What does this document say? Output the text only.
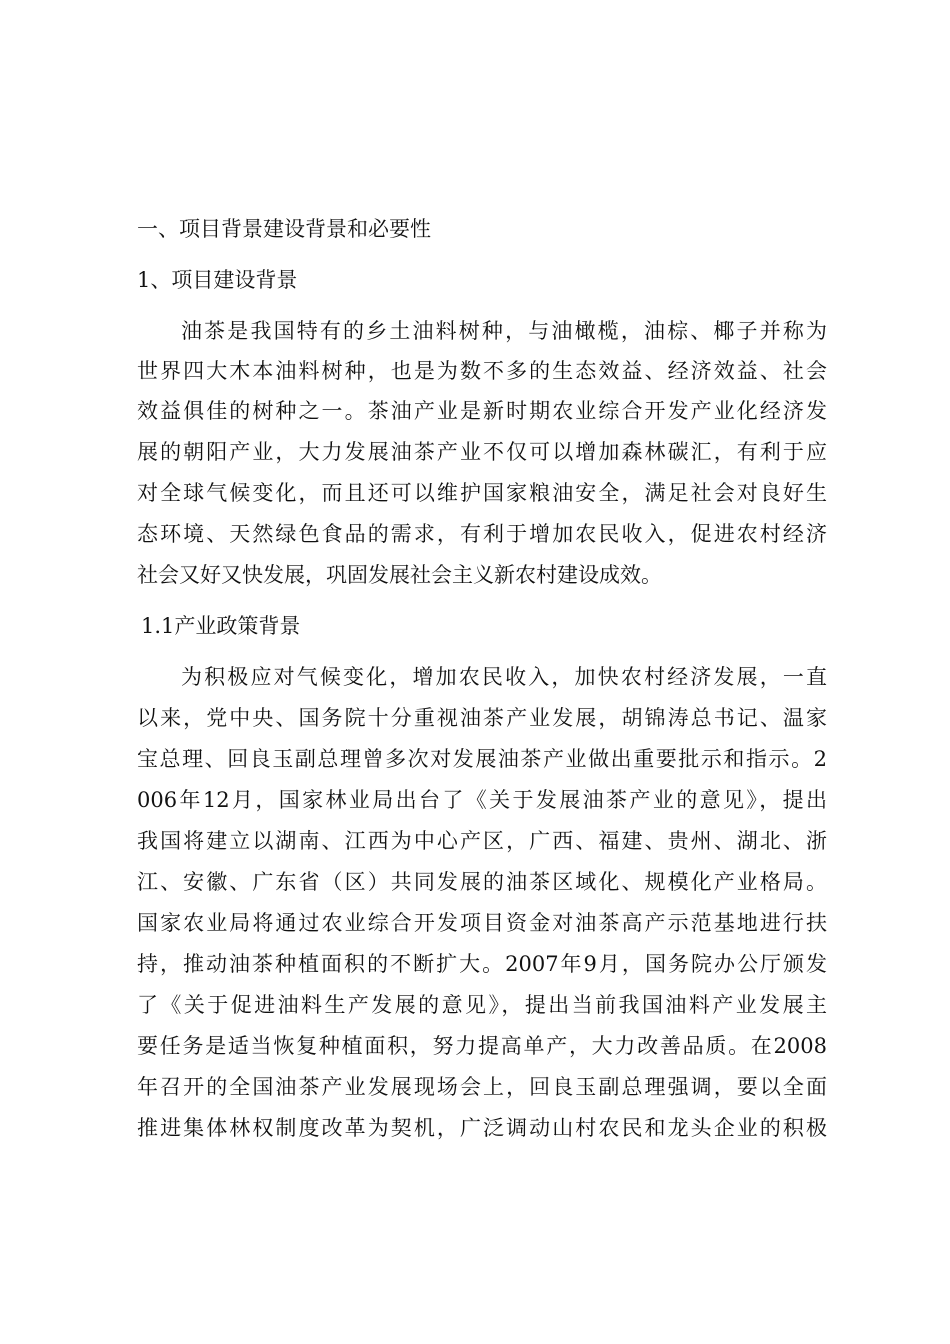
一、项目背景建设背景和必要性
1、项目建设背景
油茶是我国特有的乡土油料树种，与油橄榄，油棕、椰子并称为
世界四大木本油料树种，也是为数不多的生态效益、经济效益、社会
效益俱佳的树种之一。茶油产业是新时期农业综合开发产业化经济发
展的朝阳产业，大力发展油茶产业不仅可以增加森林碳汇，有利于应
对全球气候变化，而且还可以维护国家粮油安全，满足社会对良好生
态环境、天然绿色食品的需求，有利于增加农民收入，促进农村经济
社会又好又快发展，巩固发展社会主义新农村建设成效。
1.1产业政策背景
为积极应对气候变化，增加农民收入，加快农村经济发展，一直
以来，党中央、国务院十分重视油茶产业发展，胡锦涛总书记、温家
宝总理、回良玉副总理曾多次对发展油茶产业做出重要批示和指示。2
006年12月，国家林业局出台了《关于发展油茶产业的意见》，提出
我国将建立以湖南、江西为中心产区，广西、福建、贵州、湖北、浙
江、安徽、广东省（区）共同发展的油茶区域化、规模化产业格局。
国家农业局将通过农业综合开发项目资金对油茶高产示范基地进行扶
持，推动油茶种植面积的不断扩大。2007年9月，国务院办公厅颁发
了《关于促进油料生产发展的意见》，提出当前我国油料产业发展主
要任务是适当恢复种植面积，努力提高单产，大力改善品质。在2008
年召开的全国油茶产业发展现场会上，回良玉副总理强调，要以全面
推进集体林权制度改革为契机，广泛调动山村农民和龙头企业的积极
